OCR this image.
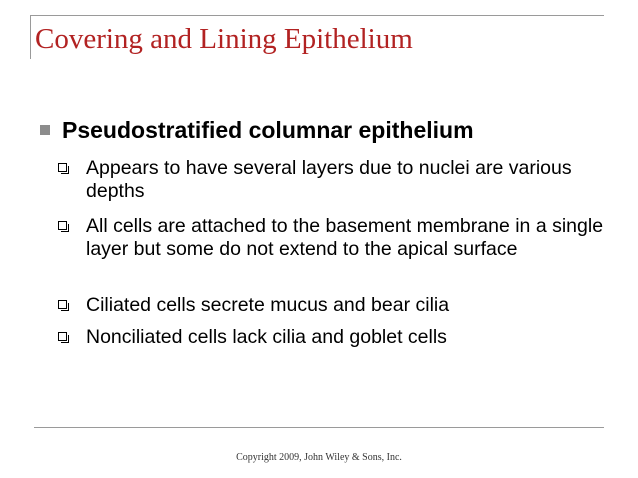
Covering and Lining Epithelium
Pseudostratified columnar epithelium
Appears to have several layers due to nuclei are various depths
All cells are attached to the basement membrane in a single layer but some do not extend to the apical surface
Ciliated cells secrete mucus and bear cilia
Nonciliated cells lack cilia and goblet cells
Copyright 2009, John Wiley & Sons, Inc.
